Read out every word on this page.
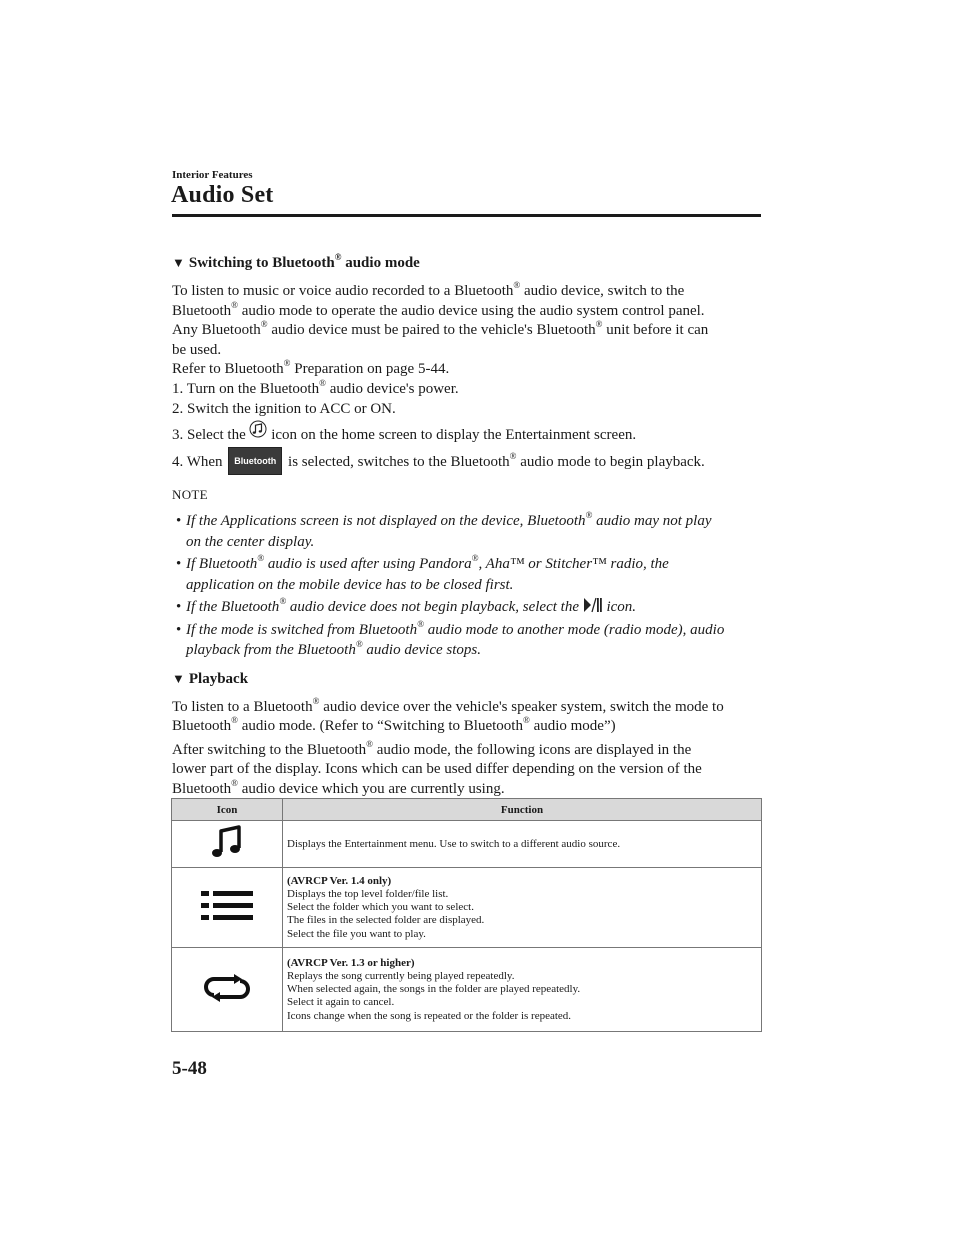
Interior Features
Audio Set
▼ Switching to Bluetooth® audio mode

To listen to music or voice audio recorded to a Bluetooth® audio device, switch to the
Bluetooth® audio mode to operate the audio device using the audio system control panel.

Any Bluetooth® audio device must be paired to the vehicle's Bluetooth® unit before it can
be used.

Refer to Bluetooth® Preparation on page 5-44.

1. Turn on the Bluetooth® audio device's power.
2. Switch the ignition to ACC or ON.
3. Select the  icon on the home screen to display the Entertainment screen.
4. When Bluetooth is selected, switches to the Bluetooth® audio mode to begin playback.
NOTE
• If the Applications screen is not displayed on the device, Bluetooth® audio may not play
on the center display.
• If Bluetooth® audio is used after using Pandora®, Aha™ or Stitcher™ radio, the
application on the mobile device has to be closed first.
• If the Bluetooth® audio device does not begin playback, select the  icon.
• If the mode is switched from Bluetooth® audio mode to another mode (radio mode), audio
playback from the Bluetooth® audio device stops.
▼ Playback

To listen to a Bluetooth® audio device over the vehicle's speaker system, switch the mode to
Bluetooth® audio mode. (Refer to “Switching to Bluetooth® audio mode”)

After switching to the Bluetooth® audio mode, the following icons are displayed in the
lower part of the display. Icons which can be used differ depending on the version of the
Bluetooth® audio device which you are currently using.

Icon	Function

Displays the Entertainment menu. Use to switch to a different audio source.

(AVRCP Ver. 1.4 only)
Displays the top level folder/file list.
Select the folder which you want to select.
The files in the selected folder are displayed.
Select the file you want to play.

(AVRCP Ver. 1.3 or higher)
Replays the song currently being played repeatedly.
When selected again, the songs in the folder are played repeatedly.
Select it again to cancel.
Icons change when the song is repeated or the folder is repeated.
5-48
